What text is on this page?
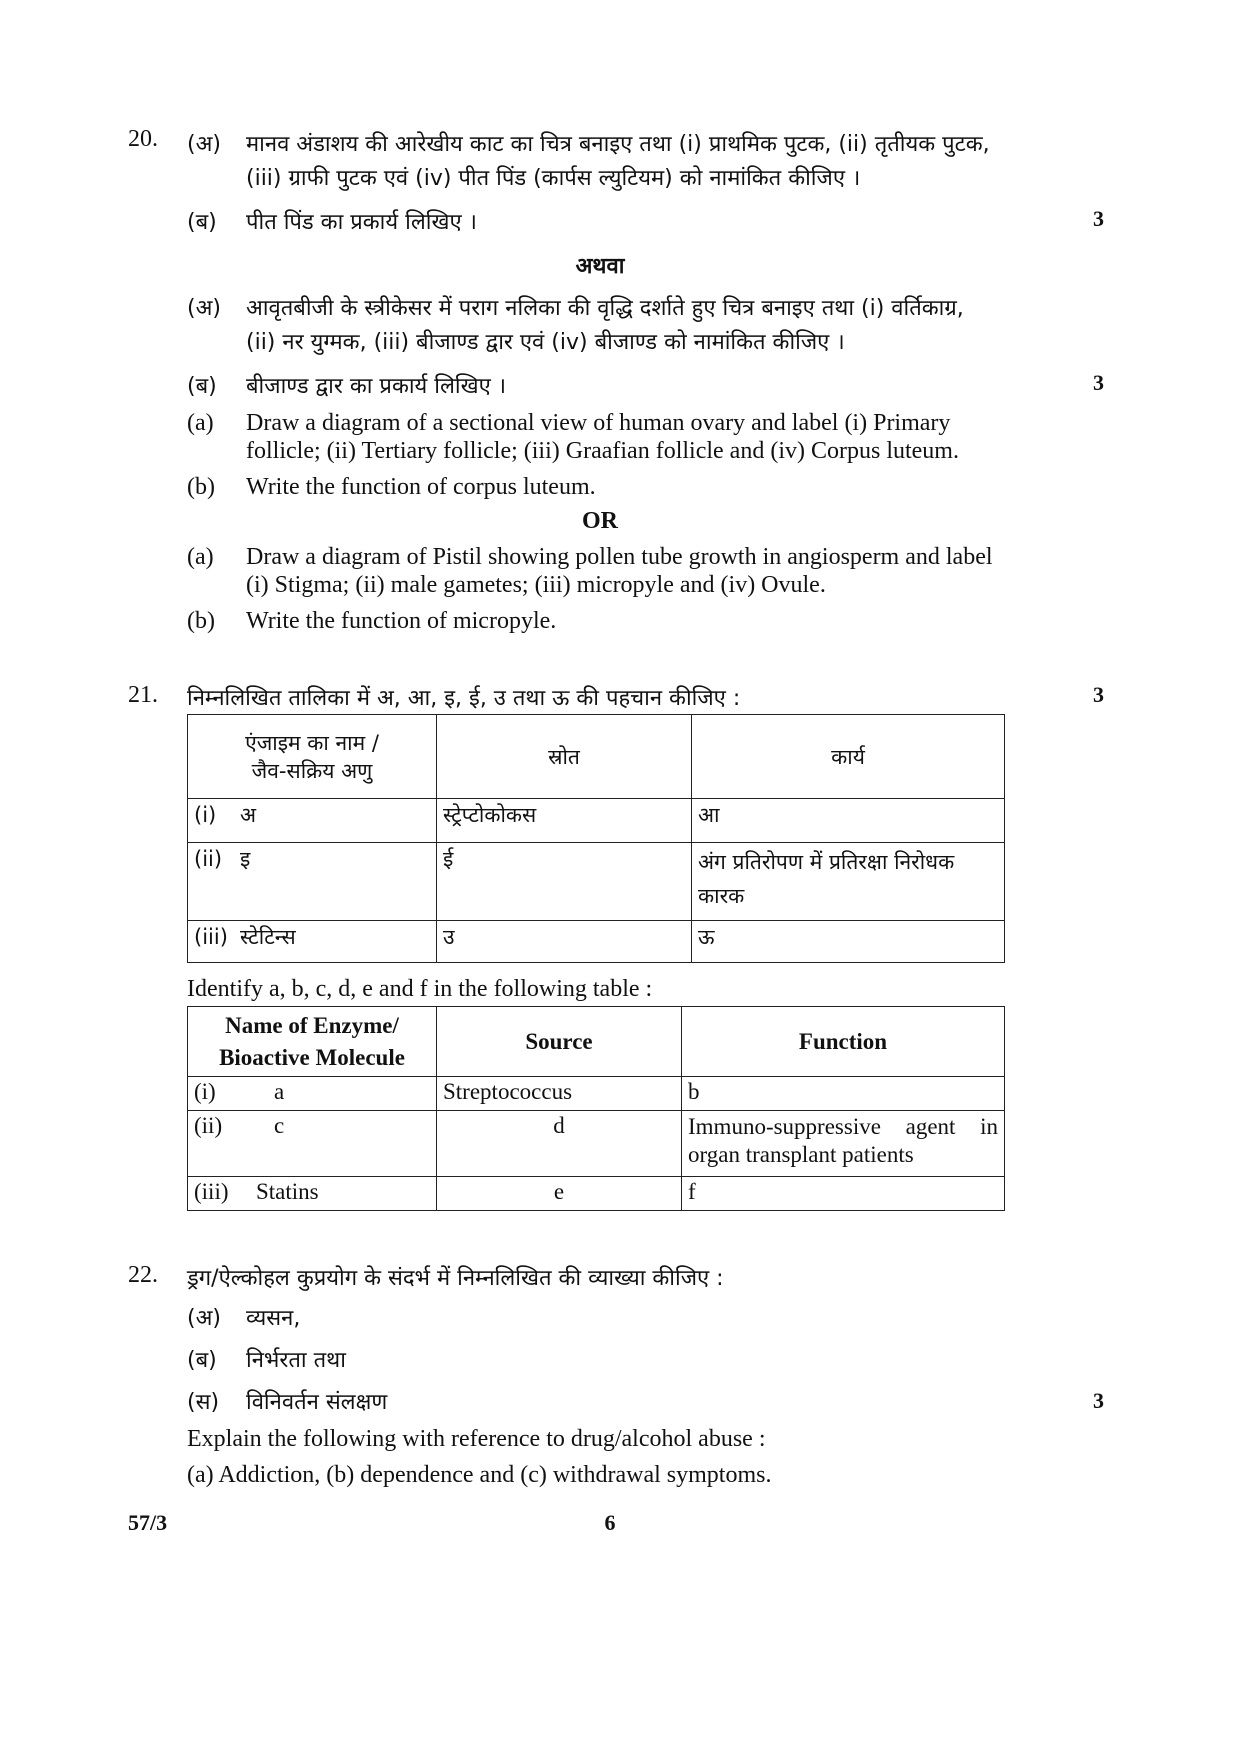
20. (अ) मानव अंडाशय की आरेखीय काट का चित्र बनाइए तथा (i) प्राथमिक पुटक, (ii) तृतीयक पुटक,
(iii) ग्राफी पुटक एवं (iv) पीत पिंड (कार्पस ल्युटियम) को नामांकित कीजिए ।
(ब) पीत पिंड का प्रकार्य लिखिए ।	3
अथवा
(अ) आवृतबीजी के स्त्रीकेसर में पराग नलिका की वृद्धि दर्शाते हुए चित्र बनाइए तथा (i) वर्तिकाग्र,
(ii) नर युग्मक, (iii) बीजाण्ड द्वार एवं (iv) बीजाण्ड को नामांकित कीजिए ।
(ब) बीजाण्ड द्वार का प्रकार्य लिखिए ।	3
(a) Draw a diagram of a sectional view of human ovary and label (i) Primary
follicle; (ii) Tertiary follicle; (iii) Graafian follicle and (iv) Corpus luteum.
(b) Write the function of corpus luteum.
OR
(a) Draw a diagram of Pistil showing pollen tube growth in angiosperm and label
(i) Stigma; (ii) male gametes; (iii) micropyle and (iv) Ovule.
(b) Write the function of micropyle.
21. निम्नलिखित तालिका में अ, आ, इ, ई, उ तथा ऊ की पहचान कीजिए :	3
एंजाइम का नाम /
जैव-सक्रिय अणु	स्रोत	कार्य
(i) अ	स्ट्रेप्टोकोकस	आ
(ii) इ	ई	अंग प्रतिरोपण में प्रतिरक्षा निरोधक कारक
(iii) स्टेटिन्स	उ	ऊ
Identify a, b, c, d, e and f in the following table :
Name of Enzyme/
Bioactive Molecule	Source	Function
(i) a	Streptococcus	b
(ii) c	d	Immuno-suppressive agent in organ transplant patients
(iii) Statins	e	f
22. ड्रग/ऐल्कोहल कुप्रयोग के संदर्भ में निम्नलिखित की व्याख्या कीजिए :
(अ) व्यसन,
(ब) निर्भरता तथा
(स) विनिवर्तन संलक्षण	3
Explain the following with reference to drug/alcohol abuse :
(a) Addiction, (b) dependence and (c) withdrawal symptoms.
57/3	6
